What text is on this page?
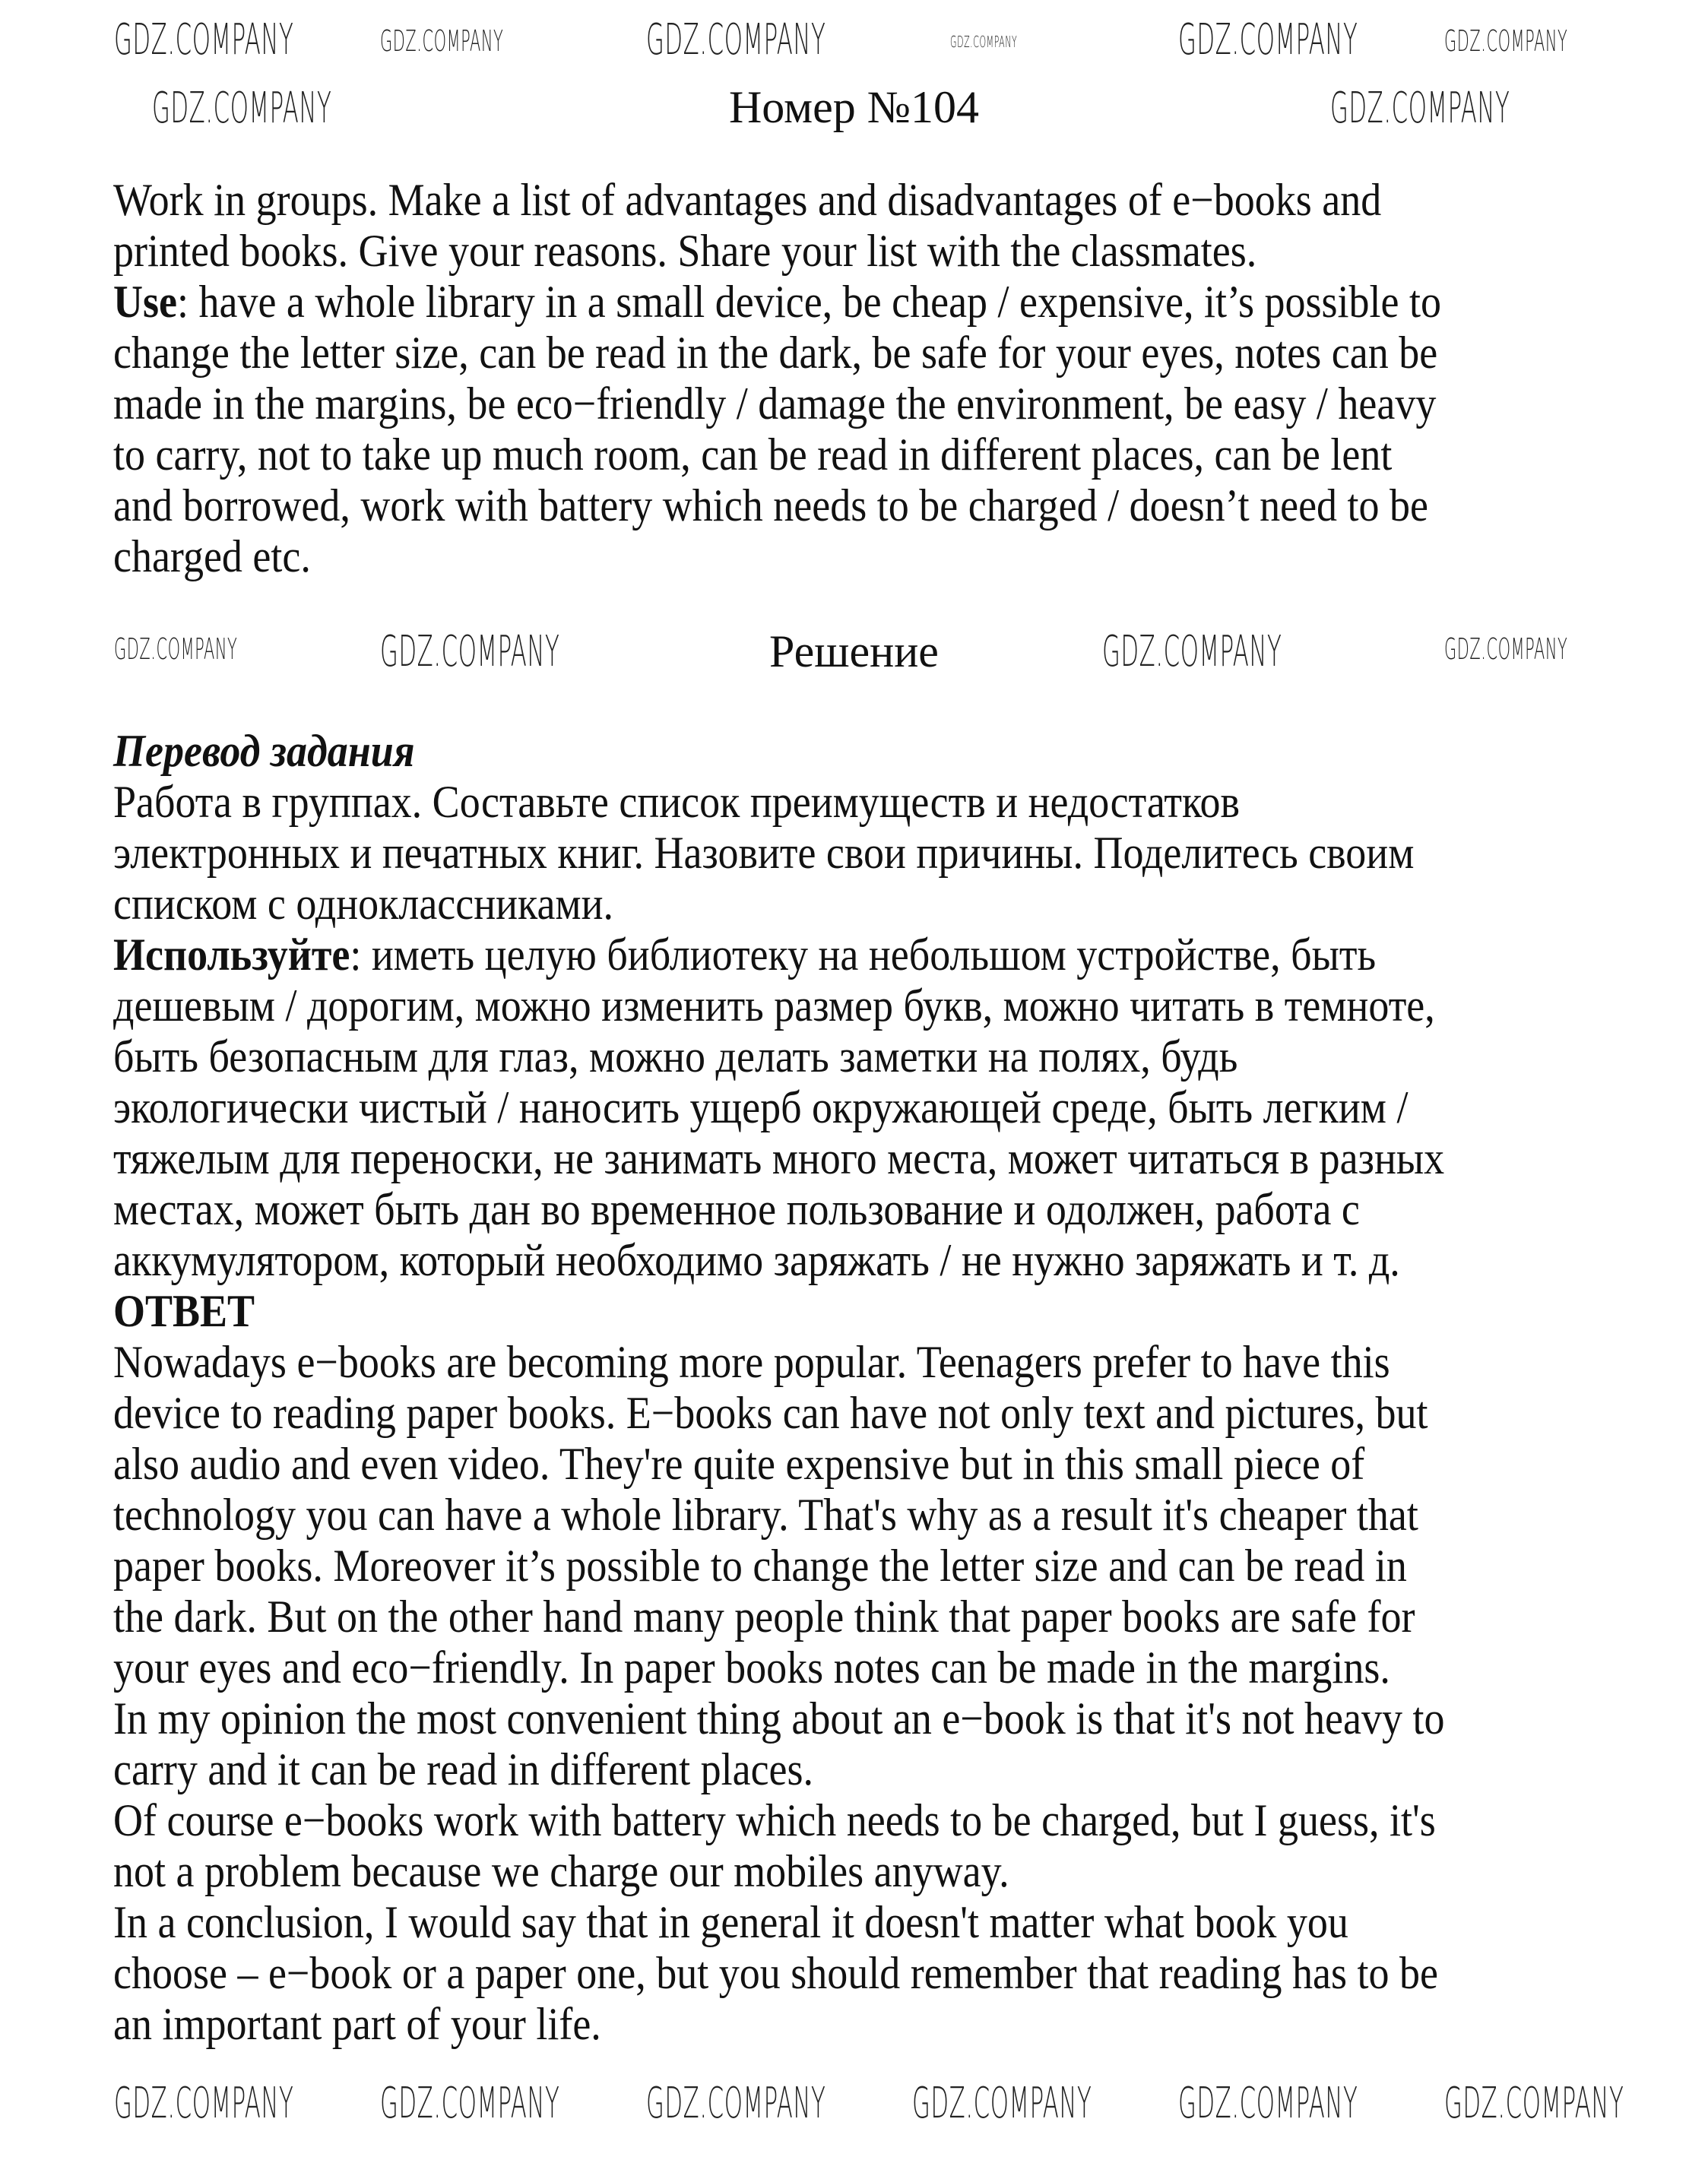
Номер №104
Work in groups. Make a list of advantages and disadvantages of e−books and
printed books. Give your reasons. Share your list with the classmates.
Use: have a whole library in a small device, be cheap / expensive, it’s possible to
change the letter size, can be read in the dark, be safe for your eyes, notes can be
made in the margins, be eco−friendly / damage the environment, be easy / heavy
to carry, not to take up much room, can be read in different places, can be lent
and borrowed, work with battery which needs to be charged / doesn’t need to be
charged etc.
Решение
Перевод задания
Работа в группах. Составьте список преимуществ и недостатков
электронных и печатных книг. Назовите свои причины. Поделитесь своим
списком с одноклассниками.
Используйте: иметь целую библиотеку на небольшом устройстве, быть
дешевым / дорогим, можно изменить размер букв, можно читать в темноте,
быть безопасным для глаз, можно делать заметки на полях, будь
экологически чистый / наносить ущерб окружающей среде, быть легким /
тяжелым для переноски, не занимать много места, может читаться в разных
местах, может быть дан во временное пользование и одолжен, работа с
аккумулятором, который необходимо заряжать / не нужно заряжать и т. д.
ОТВЕТ
Nowadays e−books are becoming more popular. Teenagers prefer to have this
device to reading paper books. E−books can have not only text and pictures, but
also audio and even video. They're quite expensive but in this small piece of
technology you can have a whole library. That's why as a result it's cheaper that
paper books. Moreover it’s possible to change the letter size and can be read in
the dark. But on the other hand many people think that paper books are safe for
your eyes and eco−friendly. In paper books notes can be made in the margins.
In my opinion the most convenient thing about an e−book is that it's not heavy to
carry and it can be read in different places.
Of course e−books work with battery which needs to be charged, but I guess, it's
not a problem because we charge our mobiles anyway.
In a conclusion, I would say that in general it doesn't matter what book you
choose – e−book or a paper one, but you should remember that reading has to be
an important part of your life.
GDZ.COMPANY	GDZ.COMPANY	GDZ.COMPANY	GDZ.COMPANY	GDZ.COMPANY	GDZ.COMPANY
GDZ.COMPANY	GDZ.COMPANY
GDZ.COMPANY	GDZ.COMPANY	GDZ.COMPANY	GDZ.COMPANY
GDZ.COMPANY GDZ.COMPANY GDZ.COMPANY GDZ.COMPANY GDZ.COMPANY GDZ.COMPANY
